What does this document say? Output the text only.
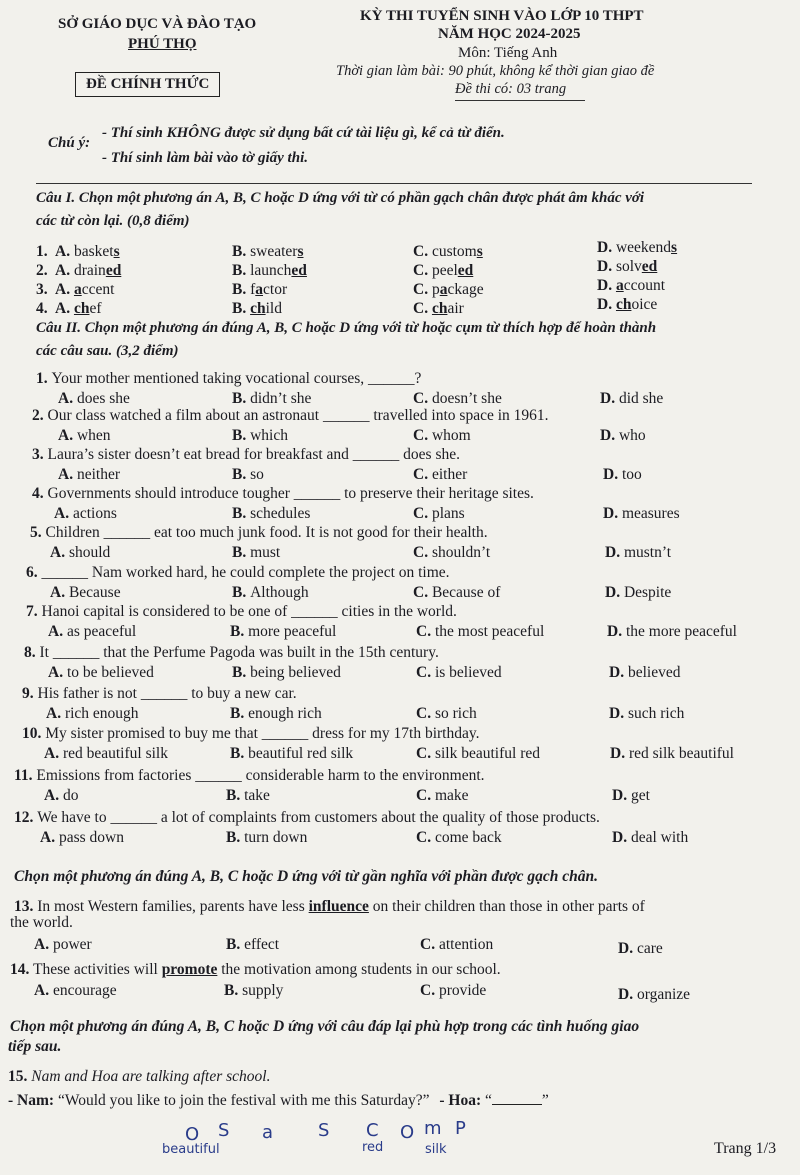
SỞ GIÁO DỤC VÀ ĐÀO TẠO
PHÚ THỌ
ĐỀ CHÍNH THỨC
KỲ THI TUYỂN SINH VÀO LỚP 10 THPT
NĂM HỌC 2024-2025
Môn: Tiếng Anh
Thời gian làm bài: 90 phút, không kể thời gian giao đề
Đề thi có: 03 trang
Chú ý:
- Thí sinh KHÔNG được sử dụng bất cứ tài liệu gì, kể cả từ điển.
- Thí sinh làm bài vào tờ giấy thi.
Câu I. Chọn một phương án A, B, C hoặc D ứng với từ có phần gạch chân được phát âm khác với
các từ còn lại. (0,8 điểm)
1. A. baskets	B. sweaters	C. customs	D. weekends
2. A. drained	B. launched	C. peeled	D. solved
3. A. accent	B. factor	C. package	D. account
4. A. chef	B. child	C. chair	D. choice
Câu II. Chọn một phương án đúng A, B, C hoặc D ứng với từ hoặc cụm từ thích hợp để hoàn thành
các câu sau. (3,2 điểm)
1. Your mother mentioned taking vocational courses, ______?
A. does she	B. didn’t she	C. doesn’t she	D. did she
2. Our class watched a film about an astronaut ______ travelled into space in 1961.
A. when	B. which	C. whom	D. who
3. Laura’s sister doesn’t eat bread for breakfast and ______ does she.
A. neither	B. so	C. either	D. too
4. Governments should introduce tougher ______ to preserve their heritage sites.
A. actions	B. schedules	C. plans	D. measures
5. Children ______ eat too much junk food. It is not good for their health.
A. should	B. must	C. shouldn’t	D. mustn’t
6. ______ Nam worked hard, he could complete the project on time.
A. Because	B. Although	C. Because of	D. Despite
7. Hanoi capital is considered to be one of ______ cities in the world.
A. as peaceful	B. more peaceful	C. the most peaceful	D. the more peaceful
8. It ______ that the Perfume Pagoda was built in the 15th century.
A. to be believed	B. being believed	C. is believed	D. believed
9. His father is not ______ to buy a new car.
A. rich enough	B. enough rich	C. so rich	D. such rich
10. My sister promised to buy me that ______ dress for my 17th birthday.
A. red beautiful silk	B. beautiful red silk	C. silk beautiful red	D. red silk beautiful
11. Emissions from factories ______ considerable harm to the environment.
A. do	B. take	C. make	D. get
12. We have to ______ a lot of complaints from customers about the quality of those products.
A. pass down	B. turn down	C. come back	D. deal with
Chọn một phương án đúng A, B, C hoặc D ứng với từ gần nghĩa với phần được gạch chân.
13. In most Western families, parents have less influence on their children than those in other parts of
the world.
A. power	B. effect	C. attention	D. care
14. These activities will promote the motivation among students in our school.
A. encourage	B. supply	C. provide	D. organize
Chọn một phương án đúng A, B, C hoặc D ứng với câu đáp lại phù hợp trong các tình huống giao
tiếp sau.
15. Nam and Hoa are talking after school.
- Nam: “Would you like to join the festival with me this Saturday?” - Hoa: “	”
O S a S C O m P
beautiful	red	silk	Trang 1/3
